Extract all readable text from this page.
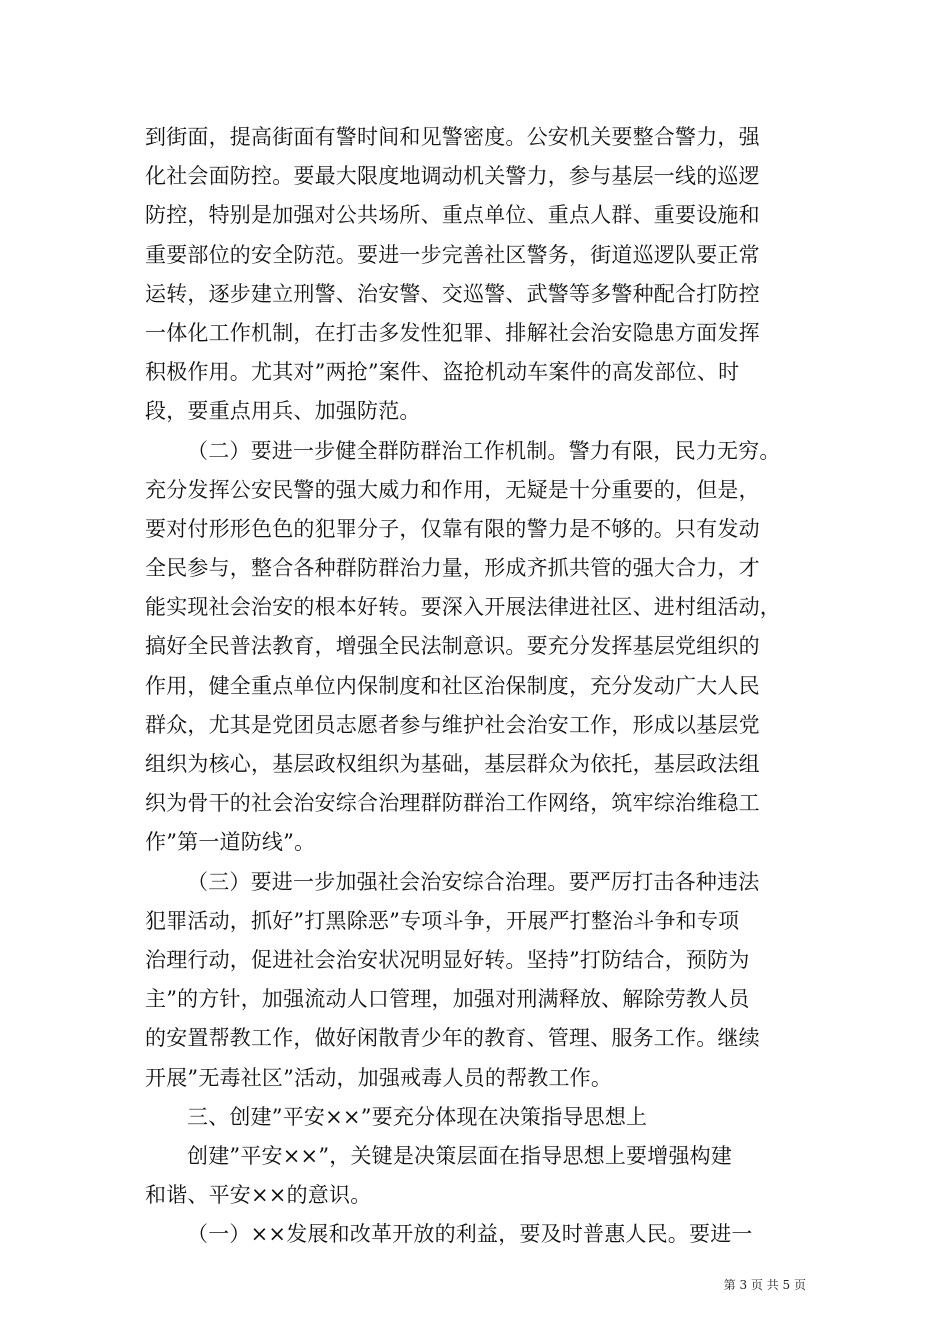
到街面，提高街面有警时间和见警密度。公安机关要整合警力，强
化社会面防控。要最大限度地调动机关警力，参与基层一线的巡逻
防控，特别是加强对公共场所、重点单位、重点人群、重要设施和
重要部位的安全防范。要进一步完善社区警务，街道巡逻队要正常
运转，逐步建立刑警、治安警、交巡警、武警等多警种配合打防控
一体化工作机制，在打击多发性犯罪、排解社会治安隐患方面发挥
积极作用。尤其对”两抢”案件、盗抢机动车案件的高发部位、时
段，要重点用兵、加强防范。
（二）要进一步健全群防群治工作机制。警力有限，民力无穷。
充分发挥公安民警的强大威力和作用，无疑是十分重要的，但是，
要对付形形色色的犯罪分子，仅靠有限的警力是不够的。只有发动
全民参与，整合各种群防群治力量，形成齐抓共管的强大合力，才
能实现社会治安的根本好转。要深入开展法律进社区、进村组活动，
搞好全民普法教育，增强全民法制意识。要充分发挥基层党组织的
作用，健全重点单位内保制度和社区治保制度，充分发动广大人民
群众，尤其是党团员志愿者参与维护社会治安工作，形成以基层党
组织为核心，基层政权组织为基础，基层群众为依托，基层政法组
织为骨干的社会治安综合治理群防群治工作网络，筑牢综治维稳工
作”第一道防线”。
（三）要进一步加强社会治安综合治理。要严厉打击各种违法
犯罪活动，抓好”打黑除恶”专项斗争，开展严打整治斗争和专项
治理行动，促进社会治安状况明显好转。坚持”打防结合，预防为
主”的方针，加强流动人口管理，加强对刑满释放、解除劳教人员
的安置帮教工作，做好闲散青少年的教育、管理、服务工作。继续
开展”无毒社区”活动，加强戒毒人员的帮教工作。
三、创建”平安××”要充分体现在决策指导思想上
创建”平安××”，关键是决策层面在指导思想上要增强构建
和谐、平安××的意识。
（一）××发展和改革开放的利益，要及时普惠人民。要进一
第 3 页 共 5 页
